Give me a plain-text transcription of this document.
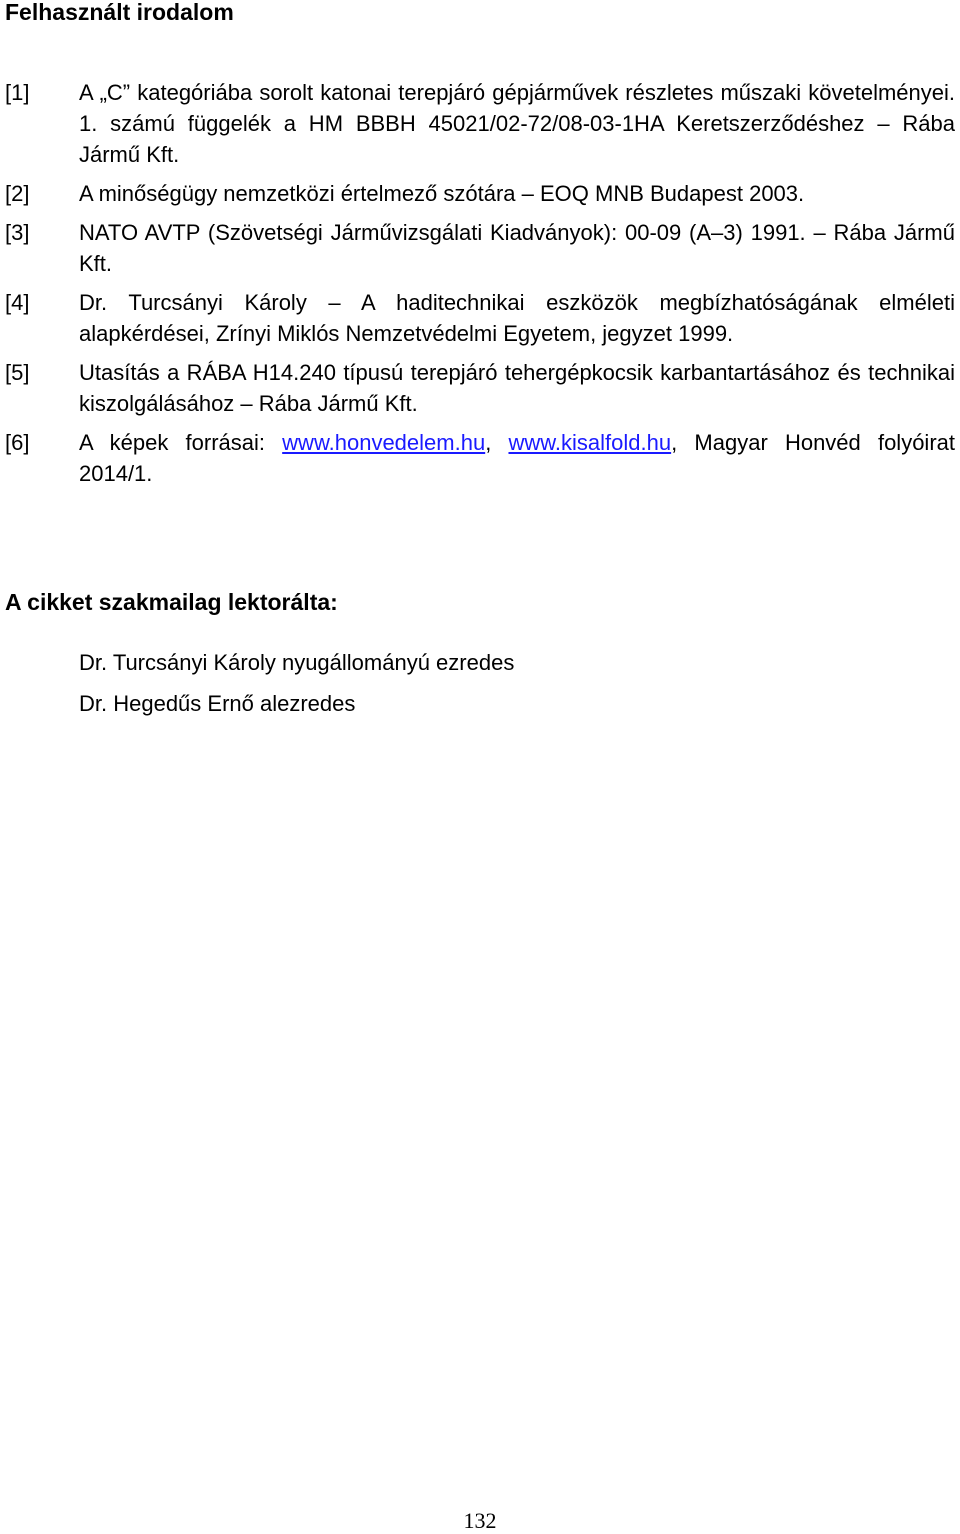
Felhasznált irodalom
[1] A „C” kategóriába sorolt katonai terepjáró gépjárművek részletes műszaki követelményei. 1. számú függelék a HM BBBH 45021/02-72/08-03-1HA Keretszerződéshez – Rába Jármű Kft.
[2] A minőségügy nemzetközi értelmező szótára – EOQ MNB Budapest 2003.
[3] NATO AVTP (Szövetségi Járművizsgálati Kiadványok): 00-09 (A–3) 1991. – Rába Jármű Kft.
[4] Dr. Turcsányi Károly – A haditechnikai eszközök megbízhatóságának elméleti alapkérdései, Zrínyi Miklós Nemzetvédelmi Egyetem, jegyzet 1999.
[5] Utasítás a RÁBA H14.240 típusú terepjáró tehergépkocsik karbantartásához és technikai kiszolgálásához – Rába Jármű Kft.
[6] A képek forrásai: www.honvedelem.hu, www.kisalfold.hu, Magyar Honvéd folyóirat 2014/1.
A cikket szakmailag lektorálta:
Dr. Turcsányi Károly nyugállományú ezredes
Dr. Hegedűs Ernő alezredes
132
